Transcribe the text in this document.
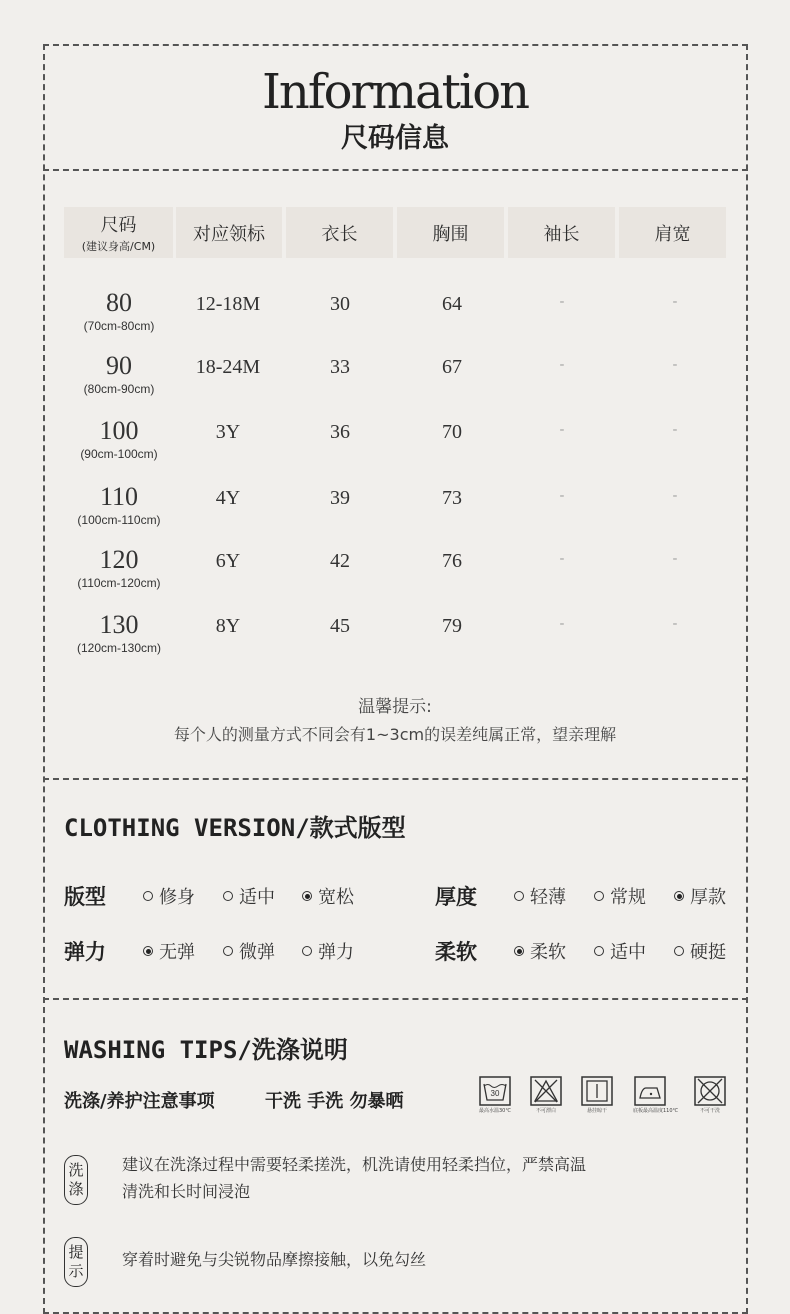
Information
尺码信息
尺码
(建议身高/CM)
对应领标	衣长	胸围	袖长	肩宽
80	12-18M	30	64	-	-
(70cm-80cm)
90	18-24M	33	67	-	-
(80cm-90cm)
100	3Y	36	70	-	-
(90cm-100cm)
110	4Y	39	73	-	-
(100cm-110cm)
120	6Y	42	76	-	-
(110cm-120cm)
130	8Y	45	79	-	-
(120cm-130cm)
温馨提示:
每个人的测量方式不同会有1~3cm的误差纯属正常，望亲理解
CLOTHING VERSION/款式版型
版型	修身 适中 宽松	厚度	轻薄 常规 厚款
弹力	无弹 微弹 弹力	柔软	柔软 适中 硬挺
WASHING TIPS/洗涤说明
洗涤/养护注意事项	干洗 手洗 勿暴晒	30
最高水温30℃	不可漂白	悬挂晾干	底板最高温度110℃	不可干洗
洗
涤
建议在洗涤过程中需要轻柔搓洗，机洗请使用轻柔挡位，严禁高温
清洗和长时间浸泡
提
示
穿着时避免与尖锐物品摩擦接触，以免勾丝
